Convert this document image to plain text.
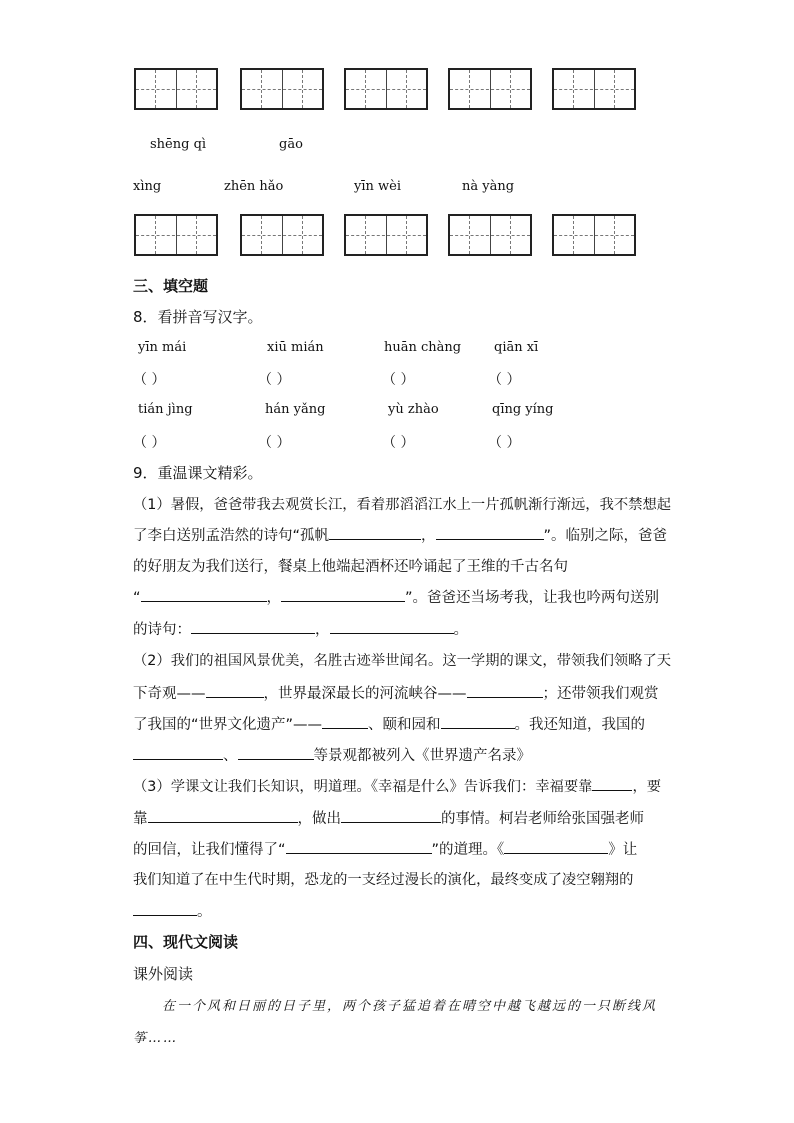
shēng qì	gāo
xìng	zhēn hǎo	yīn wèi	nà yàng
三、填空题
8．看拼音写汉字。
yīn mái	xiū mián	huān chàng	qiān xī
（ ）	（ ）	（ ）	（ ）
tián jìng	hán yǎng	yù zhào	qīng yíng
（ ）	（ ）	（ ）	（ ）
9．重温课文精彩。
（1）暑假，爸爸带我去观赏长江，看着那滔滔江水上一片孤帆渐行渐远，我不禁想起
了李白送别孟浩然的诗句“孤帆	，	”。临别之际，爸爸
的好朋友为我们送行，餐桌上他端起酒杯还吟诵起了王维的千古名句
“	，	”。爸爸还当场考我，让我也吟两句送别
的诗句：	，	。
（2）我们的祖国风景优美，名胜古迹举世闻名。这一学期的课文，带领我们领略了天
下奇观——	，世界最深最长的河流峡谷——	；还带领我们观赏
了我国的“世界文化遗产”——	、颐和园和	。我还知道，我国的
、	等景观都被列入《世界遗产名录》
（3）学课文让我们长知识，明道理。《幸福是什么》告诉我们：幸福要靠	，要
靠	，做出	的事情。柯岩老师给张国强老师
的回信，让我们懂得了“	”的道理。《	》让
我们知道了在中生代时期，恐龙的一支经过漫长的演化，最终变成了凌空翱翔的
。
四、现代文阅读
课外阅读
在一个风和日丽的日子里，两个孩子猛追着在晴空中越飞越远的一只断线风
筝……
